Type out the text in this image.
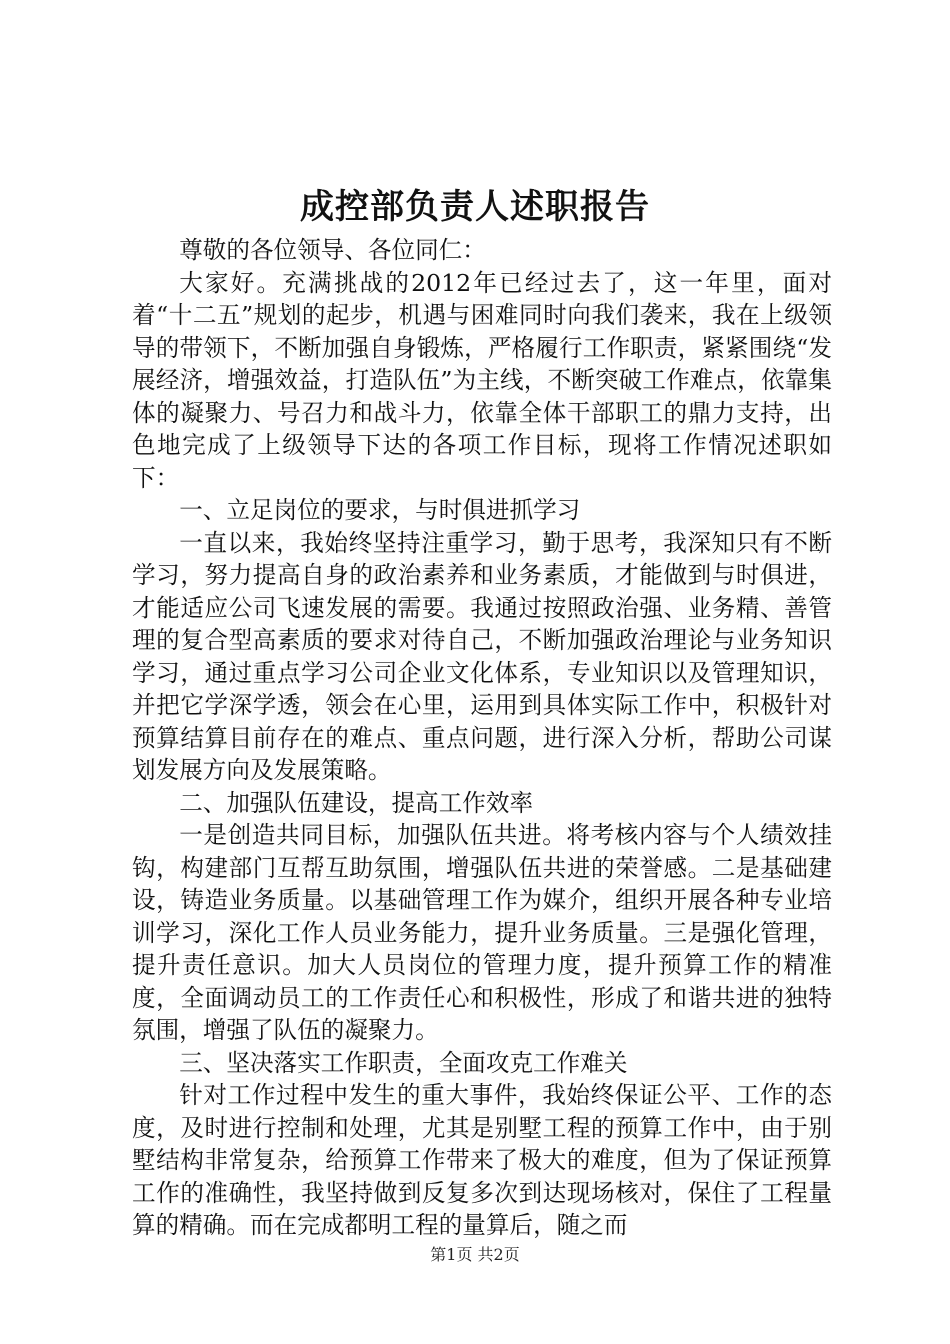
成控部负责人述职报告

尊敬的各位领导、各位同仁：

大家好。充满挑战的2012年已经过去了，这一年里，面对着“十二五”规划的起步，机遇与困难同时向我们袭来，我在上级领导的带领下，不断加强自身锻炼，严格履行工作职责，紧紧围绕“发展经济，增强效益，打造队伍”为主线，不断突破工作难点，依靠集体的凝聚力、号召力和战斗力，依靠全体干部职工的鼎力支持，出色地完成了上级领导下达的各项工作目标，现将工作情况述职如下：

一、立足岗位的要求，与时俱进抓学习

一直以来，我始终坚持注重学习，勤于思考，我深知只有不断学习，努力提高自身的政治素养和业务素质，才能做到与时俱进，才能适应公司飞速发展的需要。我通过按照政治强、业务精、善管理的复合型高素质的要求对待自己，不断加强政治理论与业务知识学习，通过重点学习公司企业文化体系，专业知识以及管理知识，并把它学深学透，领会在心里，运用到具体实际工作中，积极针对预算结算目前存在的难点、重点问题，进行深入分析，帮助公司谋划发展方向及发展策略。

二、加强队伍建设，提高工作效率

一是创造共同目标，加强队伍共进。将考核内容与个人绩效挂钩，构建部门互帮互助氛围，增强队伍共进的荣誉感。二是基础建设，铸造业务质量。以基础管理工作为媒介，组织开展各种专业培训学习，深化工作人员业务能力，提升业务质量。三是强化管理，提升责任意识。加大人员岗位的管理力度，提升预算工作的精准度，全面调动员工的工作责任心和积极性，形成了和谐共进的独特氛围，增强了队伍的凝聚力。

三、坚决落实工作职责，全面攻克工作难关

针对工作过程中发生的重大事件，我始终保证公平、工作的态度，及时进行控制和处理，尤其是别墅工程的预算工作中，由于别墅结构非常复杂，给预算工作带来了极大的难度，但为了保证预算工作的准确性，我坚持做到反复多次到达现场核对，保住了工程量算的精确。而在完成都明工程的量算后，随之而

第1页 共2页
